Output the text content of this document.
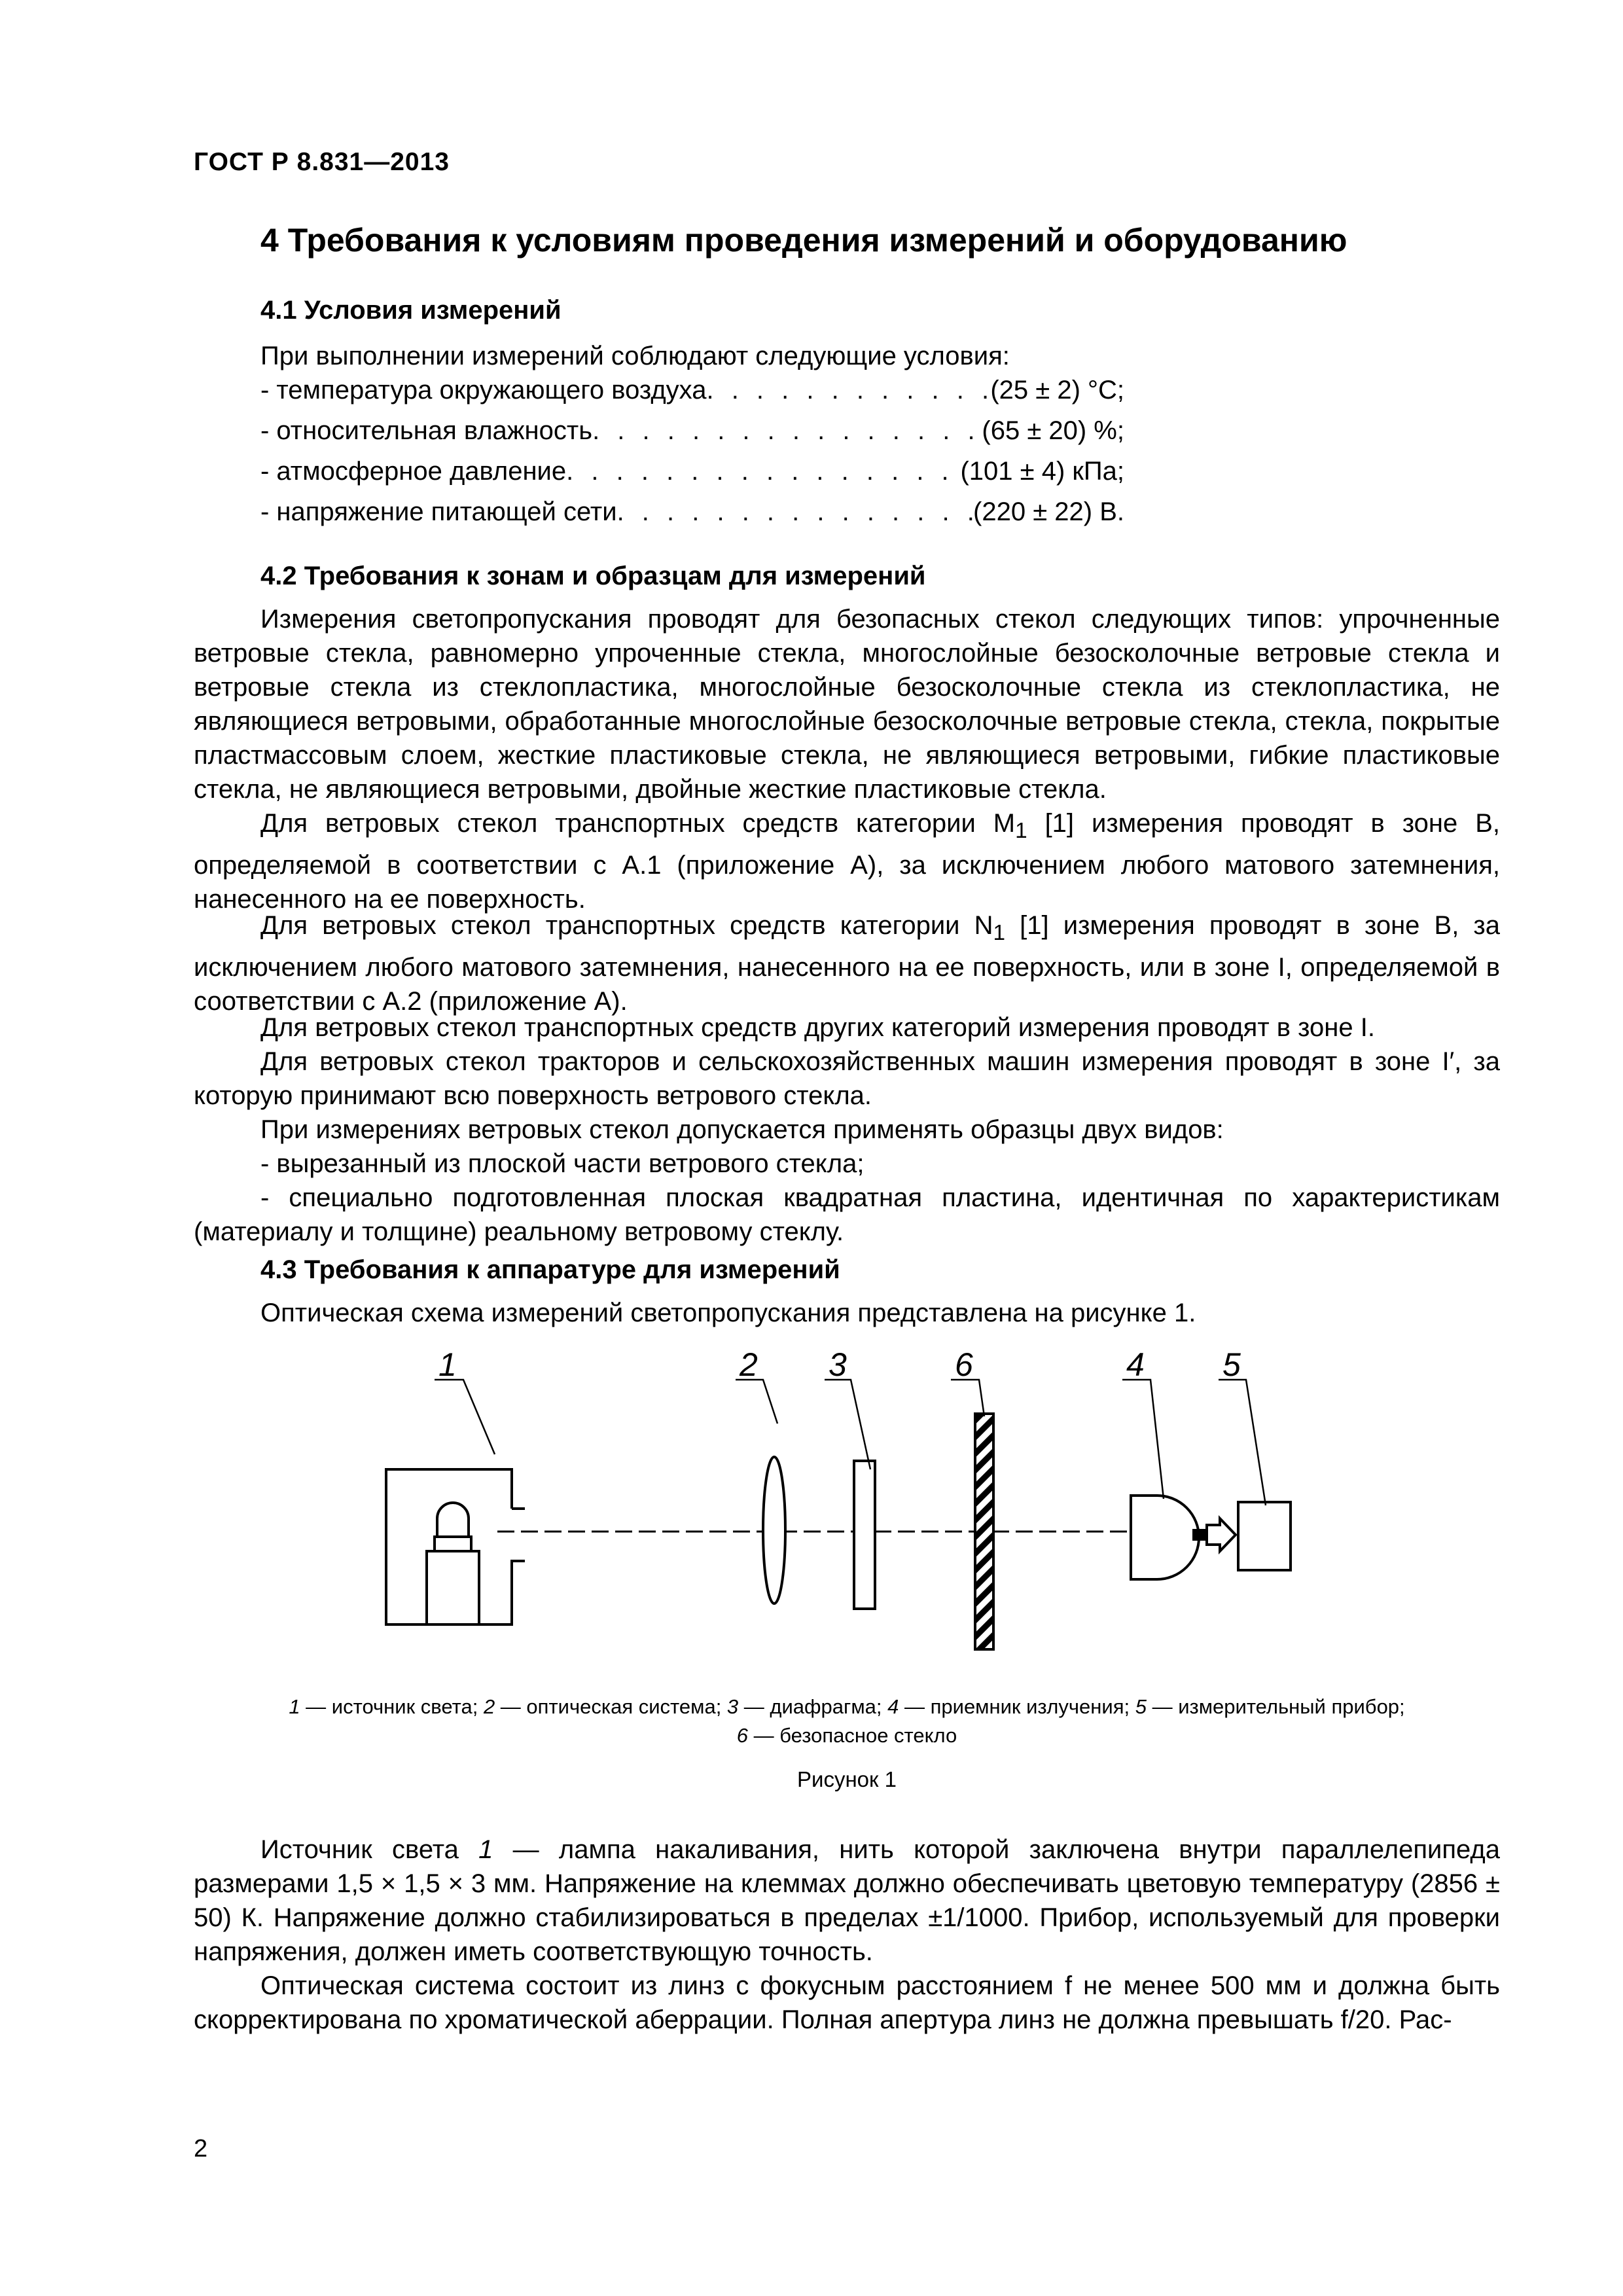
ГОСТ Р 8.831—2013
4 Требования к условиям проведения измерений и оборудованию
4.1 Условия измерений
При выполнении измерений соблюдают следующие условия:
- температура окружающего воздуха . . .	(25 ± 2) °C;
- относительная влажность . . .	(65 ± 20) %;
- атмосферное давление . . .	(101 ± 4) кПа;
- напряжение питающей сети . . .	(220 ± 22) В.
4.2 Требования к зонам и образцам для измерений

Измерения светопропускания проводят для безопасных стекол следующих типов: упрочненные ветровые стекла, равномерно упроченные стекла, многослойные безосколочные ветровые стекла и ветровые стекла из стеклопластика, многослойные безосколочные стекла из стеклопластика, не являющиеся ветровыми, обработанные многослойные безосколочные ветровые стекла, стекла, покрытые пластмассовым слоем, жесткие пластиковые стекла, не являющиеся ветровыми, гибкие пластиковые стекла, не являющиеся ветровыми, двойные жесткие пластиковые стекла.

Для ветровых стекол транспортных средств категории $М_1$ [1] измерения проводят в зоне В, определяемой в соответствии с А.1 (приложение А), за исключением любого матового затемнения, нанесенного на ее поверхность.

Для ветровых стекол транспортных средств категории $N_1$ [1] измерения проводят в зоне В, за исключением любого матового затемнения, нанесенного на ее поверхность, или в зоне I, определяемой в соответствии с А.2 (приложение А).

Для ветровых стекол транспортных средств других категорий измерения проводят в зоне I.

Для ветровых стекол тракторов и сельскохозяйственных машин измерения проводят в зоне I′, за которую принимают всю поверхность ветрового стекла.

При измерениях ветровых стекол допускается применять образцы двух видов:

- вырезанный из плоской части ветрового стекла;

- специально подготовленная плоская квадратная пластина, идентичная по характеристикам (материалу и толщине) реальному ветровому стеклу.

4.3 Требования к аппаратуре для измерений
Оптическая схема измерений светопропускания представлена на рисунке 1.
1	2 3	6	4 5
1 — источник света; 2 — оптическая система; 3 — диафрагма; 4 — приемник излучения; 5 — измерительный прибор;
6 — безопасное стекло
Рисунок 1

Источник света 1 — лампа накаливания, нить которой заключена внутри параллелепипеда размерами 1,5 × 1,5 × 3 мм. Напряжение на клеммах должно обеспечивать цветовую температуру (2856 ± 50) К. Напряжение должно стабилизироваться в пределах ±1/1000. Прибор, используемый для проверки напряжения, должен иметь соответствующую точность.

Оптическая система состоит из линз с фокусным расстоянием f не менее 500 мм и должна быть скорректирована по хроматической аберрации. Полная апертура линз не должна превышать f/20. Рас-

2
